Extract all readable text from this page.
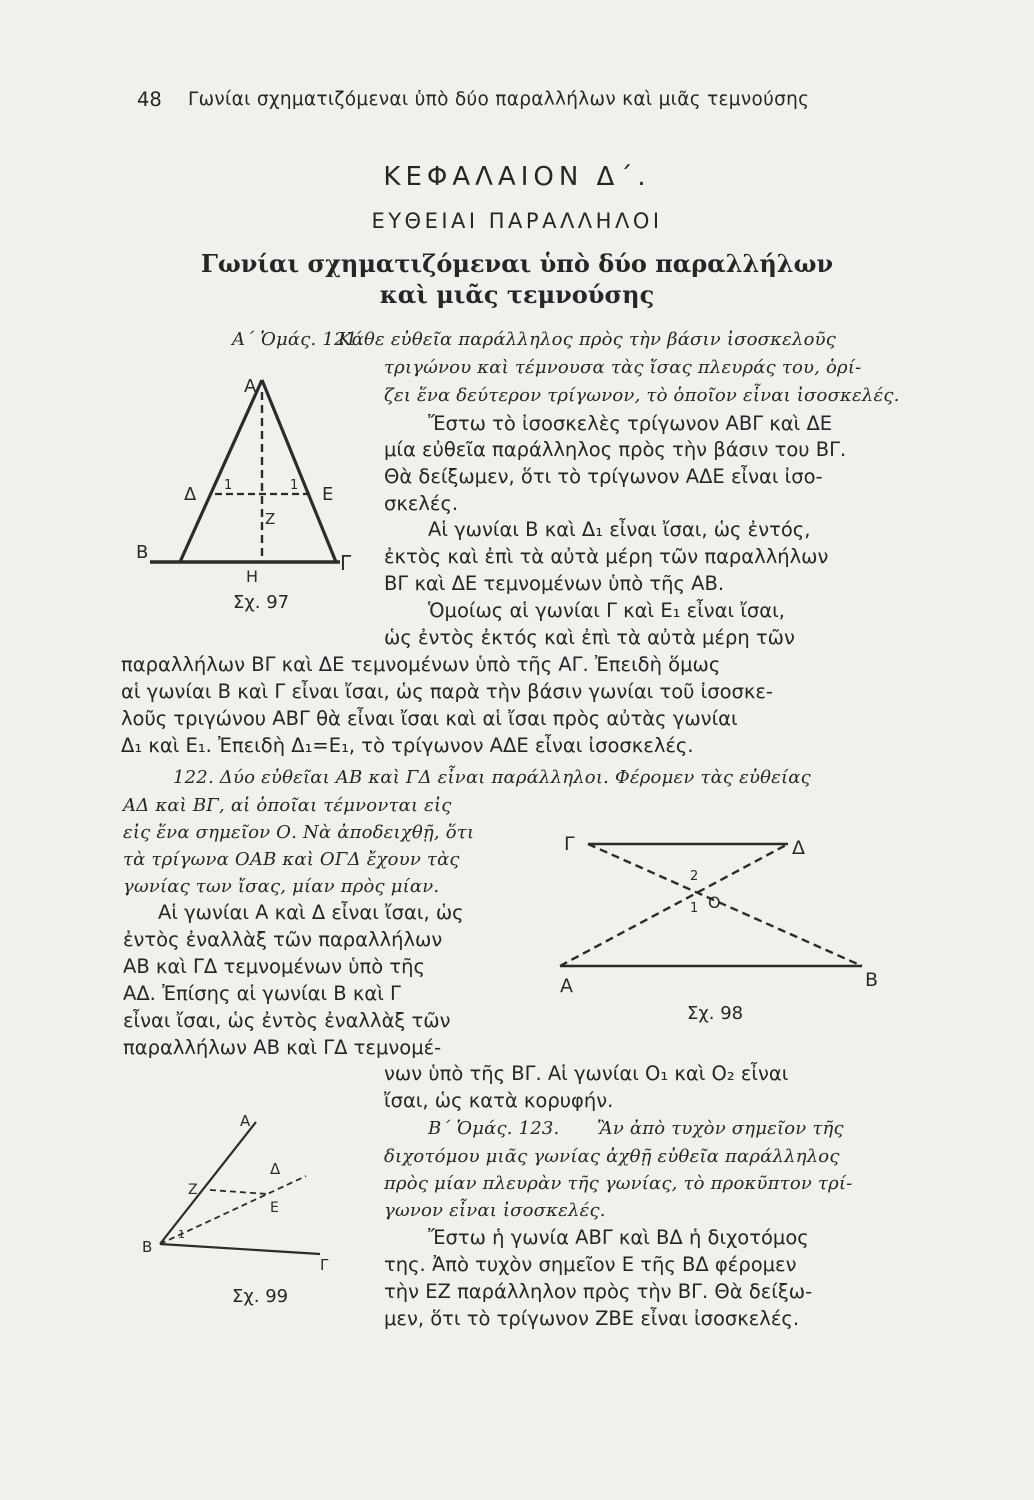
48 Γωνίαι σχηματιζόμεναι ὑπὸ δύο παραλλήλων καὶ μιᾶς τεμνούσης
ΚΕΦΑΛΑΙΟΝ Δ΄.
ΕΥΘΕΙΑΙ ΠΑΡΑΛΛΗΛΟΙ
Γωνίαι σχηματιζόμεναι ὑπὸ δύο παραλλήλων
καὶ μιᾶς τεμνούσης
Α΄ Ὁμάς. 121.
Κάθε εὐθεῖα παράλληλος πρὸς τὴν βάσιν ἰσοσκελοῦς
τριγώνου καὶ τέμνουσα τὰς ἴσας πλευράς του, ὁρί-
ζει ἕνα δεύτερον τρίγωνον, τὸ ὁποῖον εἶναι ἰσοσκελές.
Ἔστω τὸ ἰσοσκελὲς τρίγωνον ΑΒΓ καὶ ΔΕ
μία εὐθεῖα παράλληλος πρὸς τὴν βάσιν του ΒΓ.
Θὰ δείξωμεν, ὅτι τὸ τρίγωνον ΑΔΕ εἶναι ἰσο-
σκελές.
Αἱ γωνίαι Β καὶ Δ₁ εἶναι ἴσαι, ὡς ἐντός,
ἐκτὸς καὶ ἐπὶ τὰ αὐτὰ μέρη τῶν παραλλήλων
ΒΓ καὶ ΔΕ τεμνομένων ὑπὸ τῆς ΑΒ.
Ὁμοίως αἱ γωνίαι Γ καὶ Ε₁ εἶναι ἴσαι,
ὡς ἐντὸς ἐκτός καὶ ἐπὶ τὰ αὐτὰ μέρη τῶν
παραλλήλων ΒΓ καὶ ΔΕ τεμνομένων ὑπὸ τῆς ΑΓ. Ἐπειδὴ ὅμως
αἱ γωνίαι Β καὶ Γ εἶναι ἴσαι, ὡς παρὰ τὴν βάσιν γωνίαι τοῦ ἰσοσκε-
λοῦς τριγώνου ΑΒΓ θὰ εἶναι ἴσαι καὶ αἱ ἴσαι πρὸς αὐτὰς γωνίαι
Δ₁ καὶ Ε₁. Ἐπειδὴ Δ₁=Ε₁, τὸ τρίγωνον ΑΔΕ εἶναι ἰσοσκελές.
Α
Δ	Ε
Ζ
Β	Γ
Η
1	1
Σχ. 97
122. Δύο εὐθεῖαι ΑΒ καὶ ΓΔ εἶναι παράλληλοι. Φέρομεν τὰς εὐθείας
ΑΔ καὶ ΒΓ, αἱ ὁποῖαι τέμνονται εἰς
εἰς ἕνα σημεῖον Ο. Νὰ ἀποδειχθῇ, ὅτι
τὰ τρίγωνα ΟΑΒ καὶ ΟΓΔ ἔχουν τὰς
γωνίας των ἴσας, μίαν πρὸς μίαν.
Αἱ γωνίαι Α καὶ Δ εἶναι ἴσαι, ὡς
ἐντὸς ἐναλλὰξ τῶν παραλλήλων
ΑΒ καὶ ΓΔ τεμνομένων ὑπὸ τῆς
ΑΔ. Ἐπίσης αἱ γωνίαι Β καὶ Γ
εἶναι ἴσαι, ὡς ἐντὸς ἐναλλὰξ τῶν
παραλλήλων ΑΒ καὶ ΓΔ τεμνομέ-
νων ὑπὸ τῆς ΒΓ. Αἱ γωνίαι Ο₁ καὶ Ο₂ εἶναι
ἴσαι, ὡς κατὰ κορυφήν.
Γ	Δ
Ο
Α	Β
2
1
Σχ. 98
Α
Δ
Ζ
Ε
Β
Γ
1
Σχ. 99
Β΄ Ὁμάς. 123. Ἂν ἀπὸ τυχὸν σημεῖον τῆς
διχοτόμου μιᾶς γωνίας ἀχθῇ εὐθεῖα παράλληλος
πρὸς μίαν πλευρὰν τῆς γωνίας, τὸ προκῦπτον τρί-
γωνον εἶναι ἰσοσκελές.
Ἔστω ἡ γωνία ΑΒΓ καὶ ΒΔ ἡ διχοτόμος
της. Ἀπὸ τυχὸν σημεῖον Ε τῆς ΒΔ φέρομεν
τὴν ΕΖ παράλληλον πρὸς τὴν ΒΓ. Θὰ δείξω-
μεν, ὅτι τὸ τρίγωνον ΖΒΕ εἶναι ἰσοσκελές.
